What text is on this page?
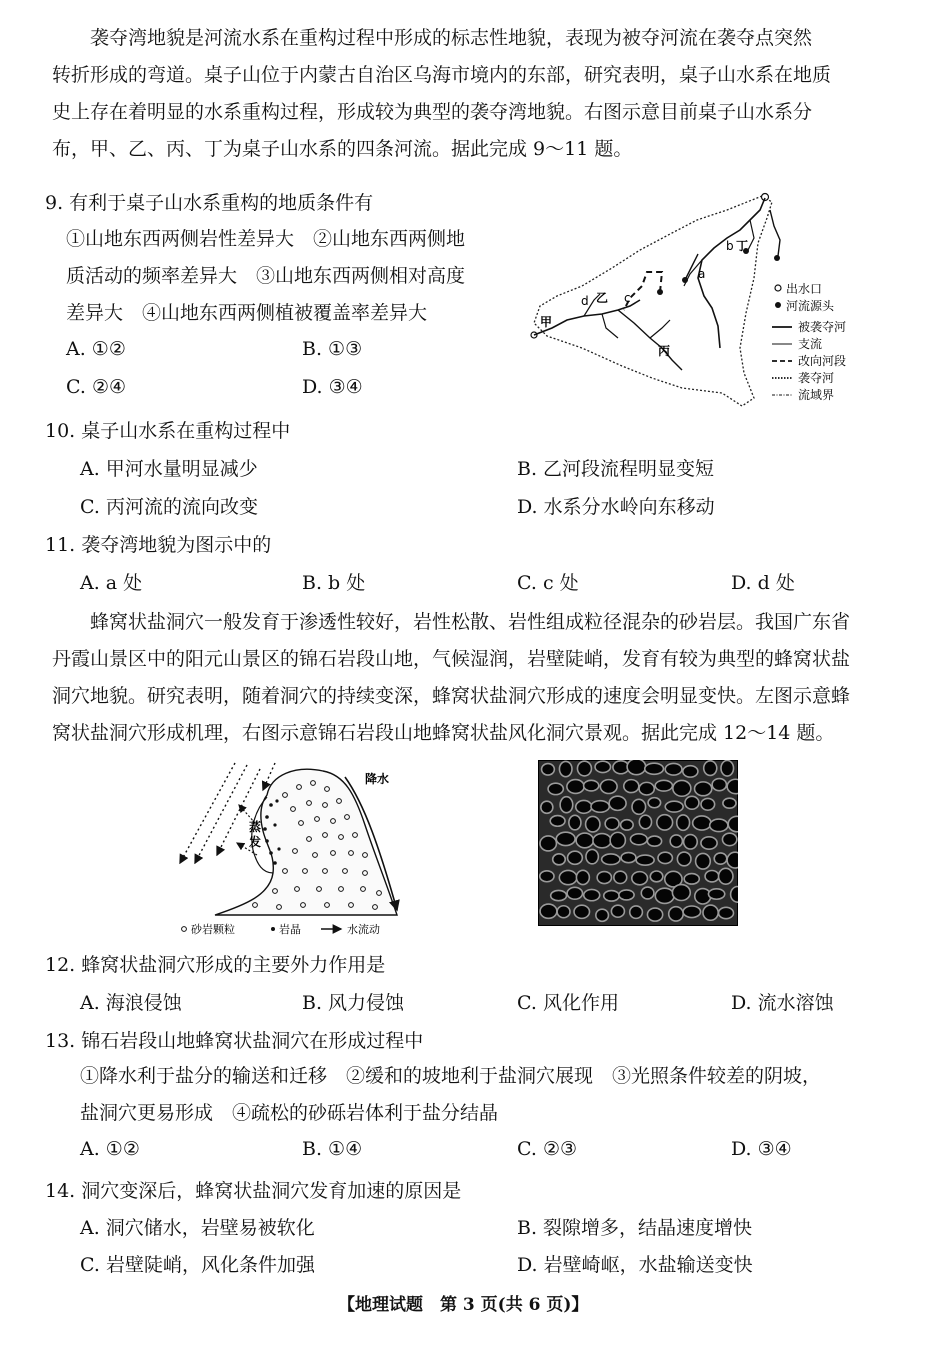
袭夺湾地貌是河流水系在重构过程中形成的标志性地貌，表现为被夺河流在袭夺点突然
转折形成的弯道。桌子山位于内蒙古自治区乌海市境内的东部，研究表明，桌子山水系在地质
史上存在着明显的水系重构过程，形成较为典型的袭夺湾地貌。右图示意目前桌子山水系分
布，甲、乙、丙、丁为桌子山水系的四条河流。据此完成 9～11 题。
9. 有利于桌子山水系重构的地质条件有
①山地东西两侧岩性差异大　②山地东西两侧地
质活动的频率差异大　③山地东西两侧相对高度
差异大　④山地东西两侧植被覆盖率差异大
A. ①②	B. ①③
C. ②④	D. ③④
丁
b
a
乙
d	c
甲
丙
出水口
河流源头
被袭夺河
支流
改向河段
袭夺河
流域界
10. 桌子山水系在重构过程中
A. 甲河水量明显减少	B. 乙河段流程明显变短
C. 丙河流的流向改变	D. 水系分水岭向东移动
11. 袭夺湾地貌为图示中的
A. a 处	B. b 处	C. c 处	D. d 处
蜂窝状盐洞穴一般发育于渗透性较好，岩性松散、岩性组成粒径混杂的砂岩层。我国广东省
丹霞山景区中的阳元山景区的锦石岩段山地，气候湿润，岩壁陡峭，发育有较为典型的蜂窝状盐
洞穴地貌。研究表明，随着洞穴的持续变深，蜂窝状盐洞穴形成的速度会明显变快。左图示意蜂
窝状盐洞穴形成机理，右图示意锦石岩段山地蜂窝状盐风化洞穴景观。据此完成 12～14 题。
降水
蒸
发
砂岩颗粒	岩晶	水流动
12. 蜂窝状盐洞穴形成的主要外力作用是
A. 海浪侵蚀	B. 风力侵蚀	C. 风化作用	D. 流水溶蚀
13. 锦石岩段山地蜂窝状盐洞穴在形成过程中
①降水利于盐分的输送和迁移　②缓和的坡地利于盐洞穴展现　③光照条件较差的阴坡，
盐洞穴更易形成　④疏松的砂砾岩体利于盐分结晶
A. ①②	B. ①④	C. ②③	D. ③④
14. 洞穴变深后，蜂窝状盐洞穴发育加速的原因是
A. 洞穴储水，岩壁易被软化	B. 裂隙增多，结晶速度增快
C. 岩壁陡峭，风化条件加强	D. 岩壁崎岖，水盐输送变快
【地理试题　第 3 页(共 6 页)】
